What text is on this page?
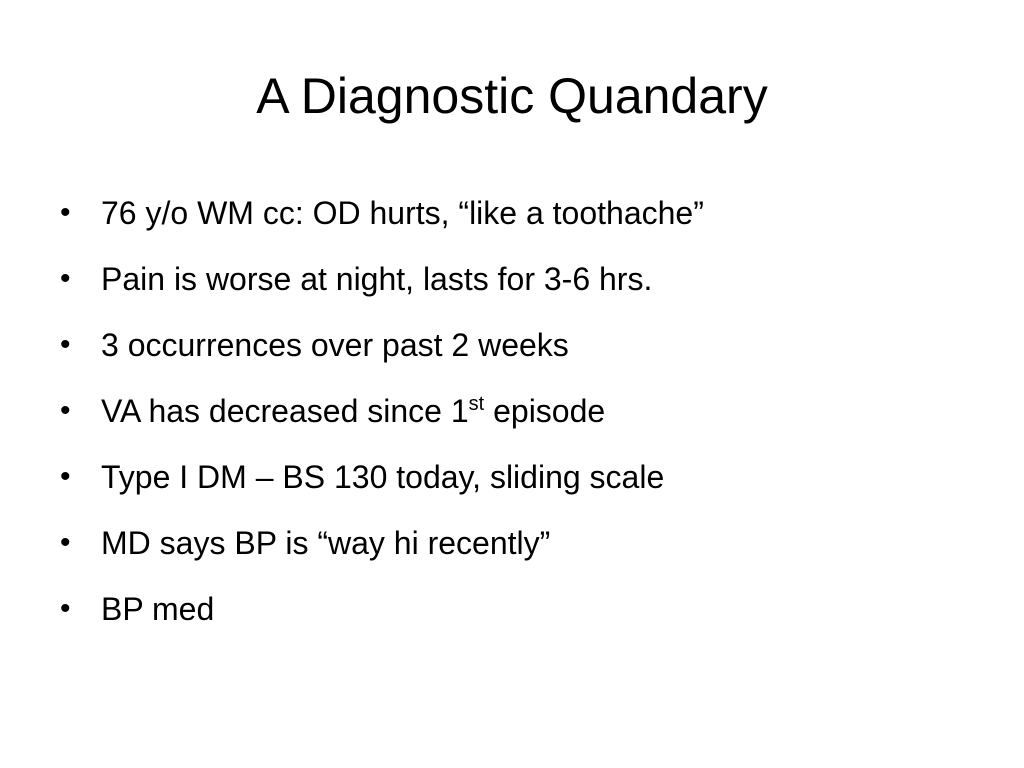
A Diagnostic Quandary
• 76 y/o WM cc: OD hurts, “like a toothache”
• Pain is worse at night, lasts for 3-6 hrs.
• 3 occurrences over past 2 weeks
• VA has decreased since 1st episode
• Type I DM – BS 130 today, sliding scale
• MD says BP is “way hi recently”
• BP med
